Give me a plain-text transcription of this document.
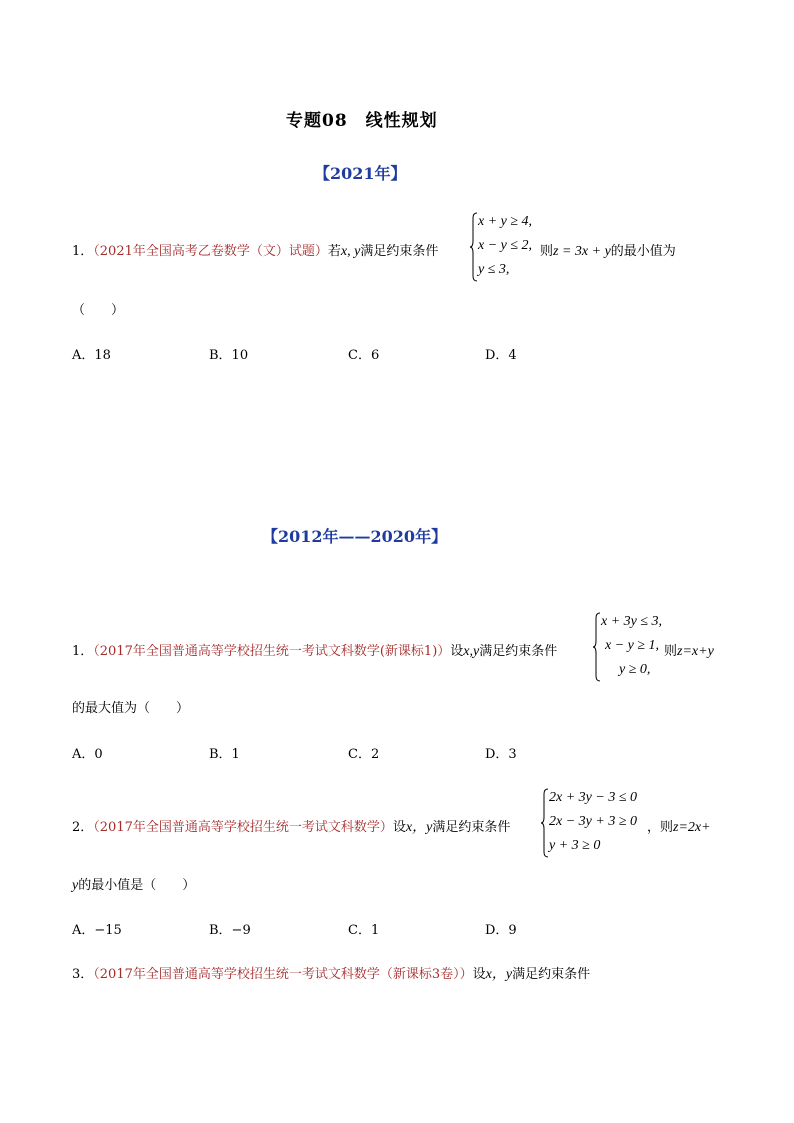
专题08　线性规划
【2021年】
1．（2021年全国高考乙卷数学（文）试题）若x, y满足约束条件
x + y ≥ 4,
x − y ≤ 2,
y ≤ 3,
则z = 3x + y的最小值为
（　　）
A．18	B．10	C．6	D．4
【2012年——2020年】
1．（2017年全国普通高等学校招生统一考试文科数学(新课标1)）设x,y满足约束条件
x + 3y ≤ 3,
x − y ≥ 1,
y ≥ 0,
则z=x+y
的最大值为（　　）
A．0	B．1	C．2	D．3
2．（2017年全国普通高等学校招生统一考试文科数学）设x，y满足约束条件
2x + 3y − 3 ≤ 0
2x − 3y + 3 ≥ 0
y + 3 ≥ 0
，则z=2x+
y的最小值是（　　）
A．−15	B．−9	C．1	D．9
3．（2017年全国普通高等学校招生统一考试文科数学（新课标3卷））设x，y满足约束条件
